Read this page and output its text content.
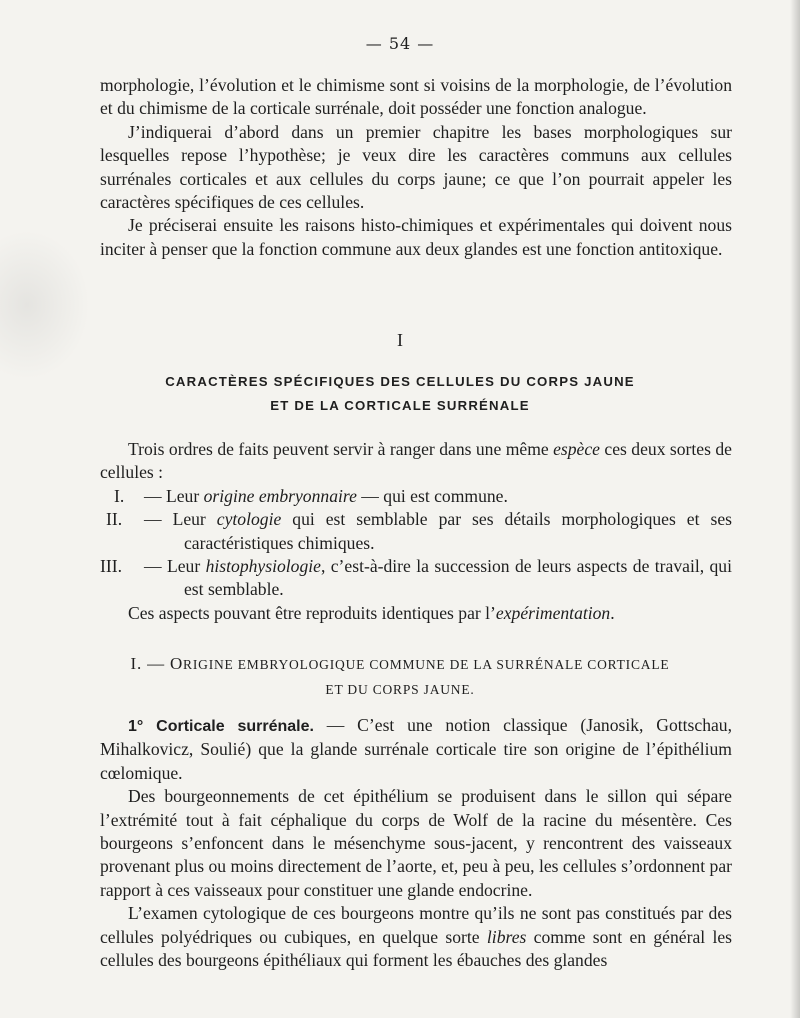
— 54 —

morphologie, l’évolution et le chimisme sont si voisins de la morphologie, de l’évolution et du chimisme de la corticale surrénale, doit posséder une fonction analogue.

J’indiquerai d’abord dans un premier chapitre les bases morphologiques sur lesquelles repose l’hypothèse; je veux dire les caractères communs aux cellules surrénales corticales et aux cellules du corps jaune; ce que l’on pourrait appeler les caractères spécifiques de ces cellules.

Je préciserai ensuite les raisons histo-chimiques et expérimentales qui doivent nous inciter à penser que la fonction commune aux deux glandes est une fonction antitoxique.

I
CARACTÈRES SPÉCIFIQUES DES CELLULES DU CORPS JAUNE
ET DE LA CORTICALE SURRÉNALE

Trois ordres de faits peuvent servir à ranger dans une même espèce ces deux sortes de cellules :

I. — Leur origine embryonnaire — qui est commune.

II. — Leur cytologie qui est semblable par ses détails morphologiques et ses caractéristiques chimiques.

III. — Leur histophysiologie, c’est-à-dire la succession de leurs aspects de travail, qui est semblable.

Ces aspects pouvant être reproduits identiques par l’expérimentation.

I. — ORIGINE EMBRYOLOGIQUE COMMUNE DE LA SURRÉNALE CORTICALE
ET DU CORPS JAUNE.

1° Corticale surrénale. — C’est une notion classique (Janosik, Gottschau, Mihalkovicz, Soulié) que la glande surrénale corticale tire son origine de l’épithélium cœlomique.

Des bourgeonnements de cet épithélium se produisent dans le sillon qui sépare l’extrémité tout à fait céphalique du corps de Wolf de la racine du mésentère. Ces bourgeons s’enfoncent dans le mésenchyme sous-jacent, y rencontrent des vaisseaux provenant plus ou moins directement de l’aorte, et, peu à peu, les cellules s’ordonnent par rapport à ces vaisseaux pour constituer une glande endocrine.

L’examen cytologique de ces bourgeons montre qu’ils ne sont pas constitués par des cellules polyédriques ou cubiques, en quelque sorte libres comme sont en général les cellules des bourgeons épithéliaux qui forment les ébauches des glandes
